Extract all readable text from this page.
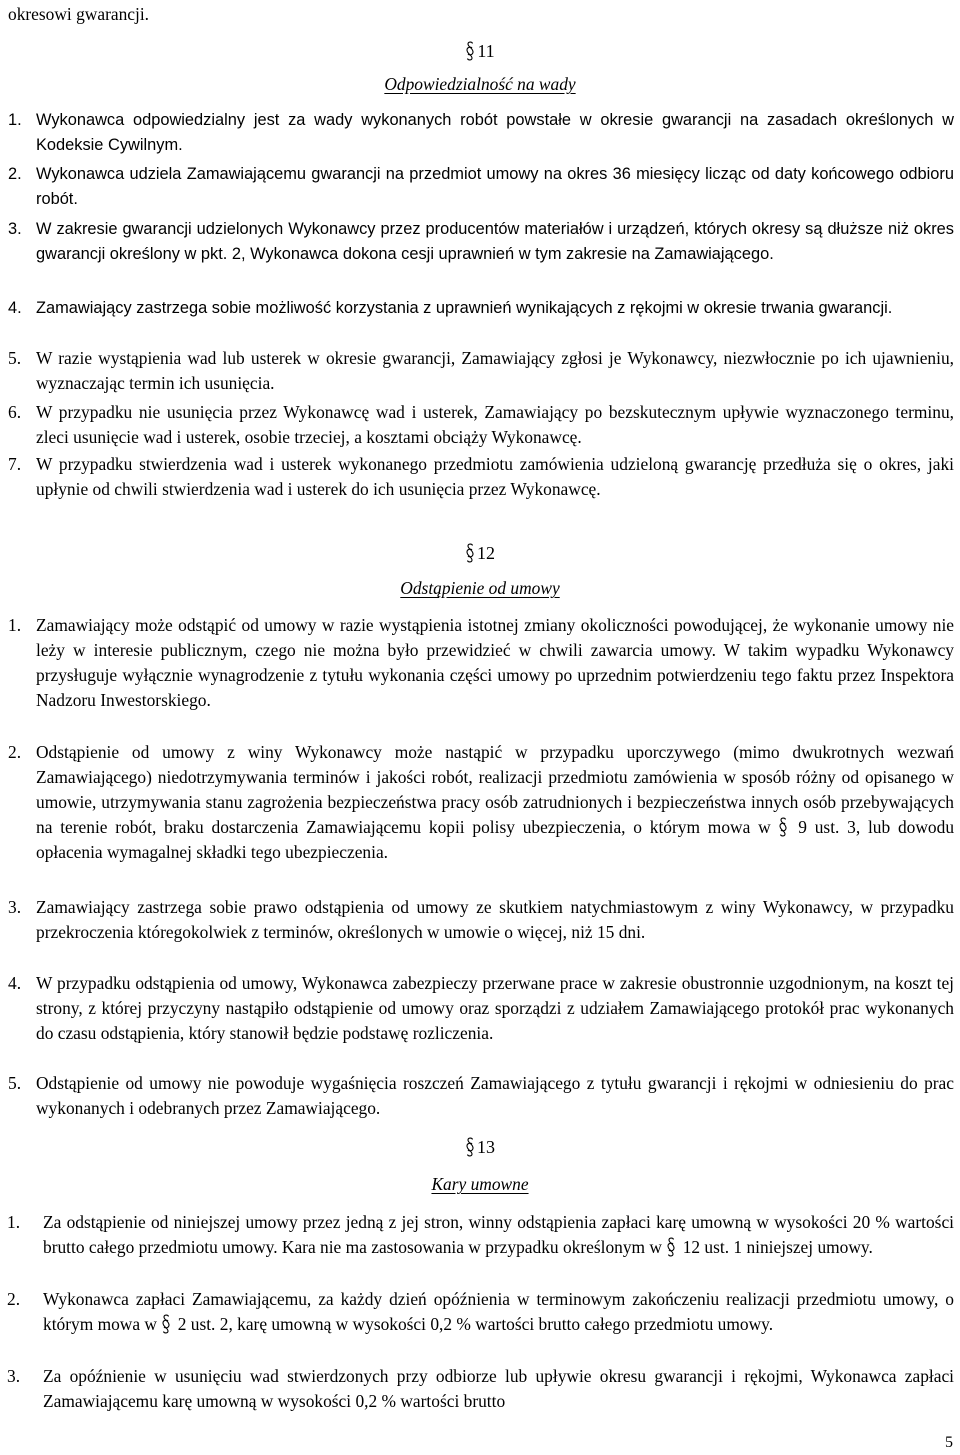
okresowi gwarancji.
11
Odpowiedzialność na wady
1. Wykonawca odpowiedzialny jest za wady wykonanych robót powstałe w okresie gwarancji na zasadach określonych w Kodeksie Cywilnym.
2. Wykonawca udziela Zamawiającemu gwarancji na przedmiot umowy na okres 36 miesięcy licząc od daty końcowego odbioru robót.
3. W zakresie gwarancji udzielonych Wykonawcy przez producentów materiałów i urządzeń, których okresy są dłuższe niż okres gwarancji określony w pkt. 2, Wykonawca dokona cesji uprawnień w tym zakresie na Zamawiającego.
4. Zamawiający zastrzega sobie możliwość korzystania z uprawnień wynikających z rękojmi w okresie trwania gwarancji.
5. W razie wystąpienia wad lub usterek w okresie gwarancji, Zamawiający zgłosi je Wykonawcy, niezwłocznie po ich ujawnieniu, wyznaczając termin ich usunięcia.
6. W przypadku nie usunięcia przez Wykonawcę wad i usterek, Zamawiający po bezskutecznym upływie wyznaczonego terminu, zleci usunięcie wad i usterek, osobie trzeciej, a kosztami obciąży Wykonawcę.
7. W przypadku stwierdzenia wad i usterek wykonanego przedmiotu zamówienia udzieloną gwarancję przedłuża się o okres, jaki upłynie od chwili stwierdzenia wad i usterek do ich usunięcia przez Wykonawcę.
12
Odstąpienie od umowy
1. Zamawiający może odstąpić od umowy w razie wystąpienia istotnej zmiany okoliczności powodującej, że wykonanie umowy nie leży w interesie publicznym, czego nie można było przewidzieć w chwili zawarcia umowy. W takim wypadku Wykonawcy przysługuje wyłącznie wynagrodzenie z tytułu wykonania części umowy po uprzednim potwierdzeniu tego faktu przez Inspektora Nadzoru Inwestorskiego.
2. Odstąpienie od umowy z winy Wykonawcy może nastąpić w przypadku uporczywego (mimo dwukrotnych wezwań Zamawiającego) niedotrzymywania terminów i jakości robót, realizacji przedmiotu zamówienia w sposób różny od opisanego w umowie, utrzymywania stanu zagrożenia bezpieczeństwa pracy osób zatrudnionych i bezpieczeństwa innych osób przebywających na terenie robót, braku dostarczenia Zamawiającemu kopii polisy ubezpieczenia, o którym mowa w 9 ust. 3, lub dowodu opłacenia wymagalnej składki tego ubezpieczenia.
3. Zamawiający zastrzega sobie prawo odstąpienia od umowy ze skutkiem natychmiastowym z winy Wykonawcy, w przypadku przekroczenia któregokolwiek z terminów, określonych w umowie o więcej, niż 15 dni.
4. W przypadku odstąpienia od umowy, Wykonawca zabezpieczy przerwane prace w zakresie obustronnie uzgodnionym, na koszt tej strony, z której przyczyny nastąpiło odstąpienie od umowy oraz sporządzi z udziałem Zamawiającego protokół prac wykonanych do czasu odstąpienia, który stanowił będzie podstawę rozliczenia.
5. Odstąpienie od umowy nie powoduje wygaśnięcia roszczeń Zamawiającego z tytułu gwarancji i rękojmi w odniesieniu do prac wykonanych i odebranych przez Zamawiającego.
13
Kary umowne
1. Za odstąpienie od niniejszej umowy przez jedną z jej stron, winny odstąpienia zapłaci karę umowną w wysokości 20 % wartości brutto całego przedmiotu umowy. Kara nie ma zastosowania w przypadku określonym w 12 ust. 1 niniejszej umowy.
2. Wykonawca zapłaci Zamawiającemu, za każdy dzień opóźnienia w terminowym zakończeniu realizacji przedmiotu umowy, o którym mowa w 2 ust. 2, karę umowną w wysokości 0,2 % wartości brutto całego przedmiotu umowy.
3. Za opóźnienie w usunięciu wad stwierdzonych przy odbiorze lub upływie okresu gwarancji i rękojmi, Wykonawca zapłaci Zamawiającemu karę umowną w wysokości 0,2 % wartości brutto
5
